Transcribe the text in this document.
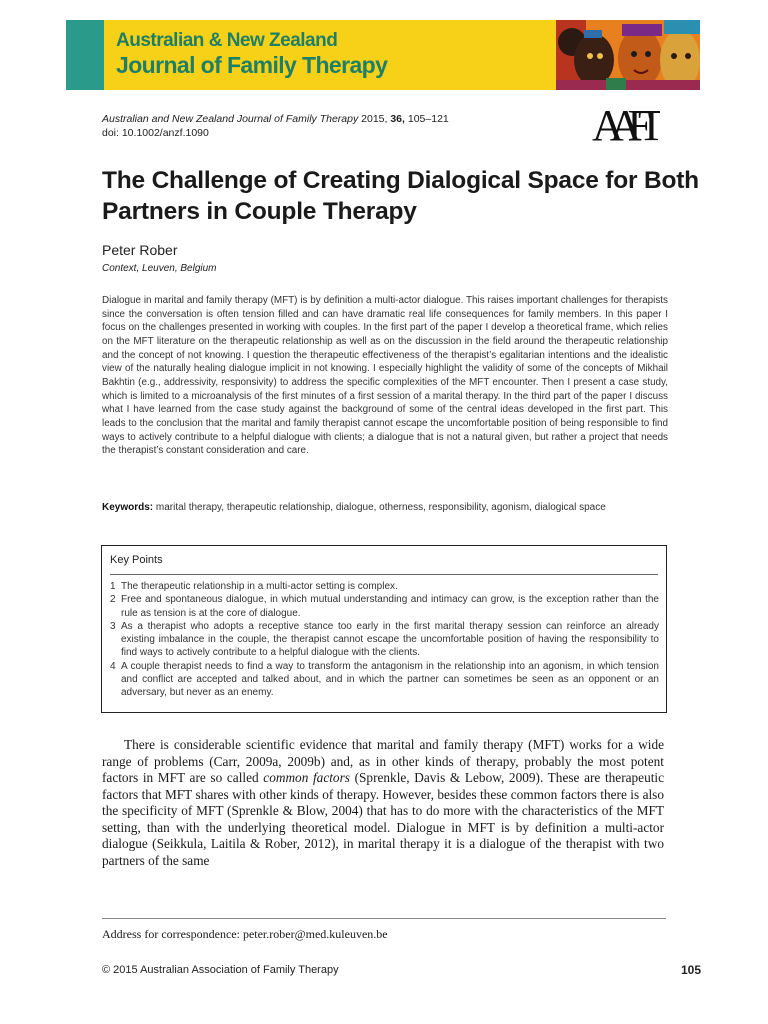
Australian & New Zealand
Journal of Family Therapy
Australian and New Zealand Journal of Family Therapy 2015, 36, 105–121
doi: 10.1002/anzf.1090	AAFT
The Challenge of Creating Dialogical Space for Both Partners in Couple Therapy
Peter Rober
Context, Leuven, Belgium

Dialogue in marital and family therapy (MFT) is by definition a multi-actor dialogue. This raises important challenges for therapists since the conversation is often tension filled and can have dramatic real life consequences for family members. In this paper I focus on the challenges presented in working with couples. In the first part of the paper I develop a theoretical frame, which relies on the MFT literature on the therapeutic relationship as well as on the discussion in the field around the therapeutic relationship and the concept of not knowing. I question the therapeutic effectiveness of the therapist’s egalitarian intentions and the idealistic view of the naturally healing dialogue implicit in not knowing. I especially highlight the validity of some of the concepts of Mikhail Bakhtin (e.g., addressivity, responsivity) to address the specific complexities of the MFT encounter. Then I present a case study, which is limited to a microanalysis of the first minutes of a first session of a marital therapy. In the third part of the paper I discuss what I have learned from the case study against the background of some of the central ideas developed in the first part. This leads to the conclusion that the marital and family therapist cannot escape the uncomfortable position of being responsible to find ways to actively contribute to a helpful dialogue with clients; a dialogue that is not a natural given, but rather a project that needs the therapist’s constant consideration and care.

Keywords: marital therapy, therapeutic relationship, dialogue, otherness, responsibility, agonism, dialogical space
Key Points
1 The therapeutic relationship in a multi-actor setting is complex.
2 Free and spontaneous dialogue, in which mutual understanding and intimacy can grow, is the exception rather than the rule as tension is at the core of dialogue.
3 As a therapist who adopts a receptive stance too early in the first marital therapy session can reinforce an already existing imbalance in the couple, the therapist cannot escape the uncomfortable position of having the responsibility to find ways to actively contribute to a helpful dialogue with the clients.
4 A couple therapist needs to find a way to transform the antagonism in the relationship into an agonism, in which tension and conflict are accepted and talked about, and in which the partner can sometimes be seen as an opponent or an adversary, but never as an enemy.

There is considerable scientific evidence that marital and family therapy (MFT) works for a wide range of problems (Carr, 2009a, 2009b) and, as in other kinds of therapy, probably the most potent factors in MFT are so called common factors (Sprenkle, Davis & Lebow, 2009). These are therapeutic factors that MFT shares with other kinds of therapy. However, besides these common factors there is also the specificity of MFT (Sprenkle & Blow, 2004) that has to do more with the characteristics of the MFT setting, than with the underlying theoretical model. Dialogue in MFT is by definition a multi-actor dialogue (Seikkula, Laitila & Rober, 2012), in marital therapy it is a dialogue of the therapist with two partners of the same

Address for correspondence: peter.rober@med.kuleuven.be
© 2015 Australian Association of Family Therapy	105
